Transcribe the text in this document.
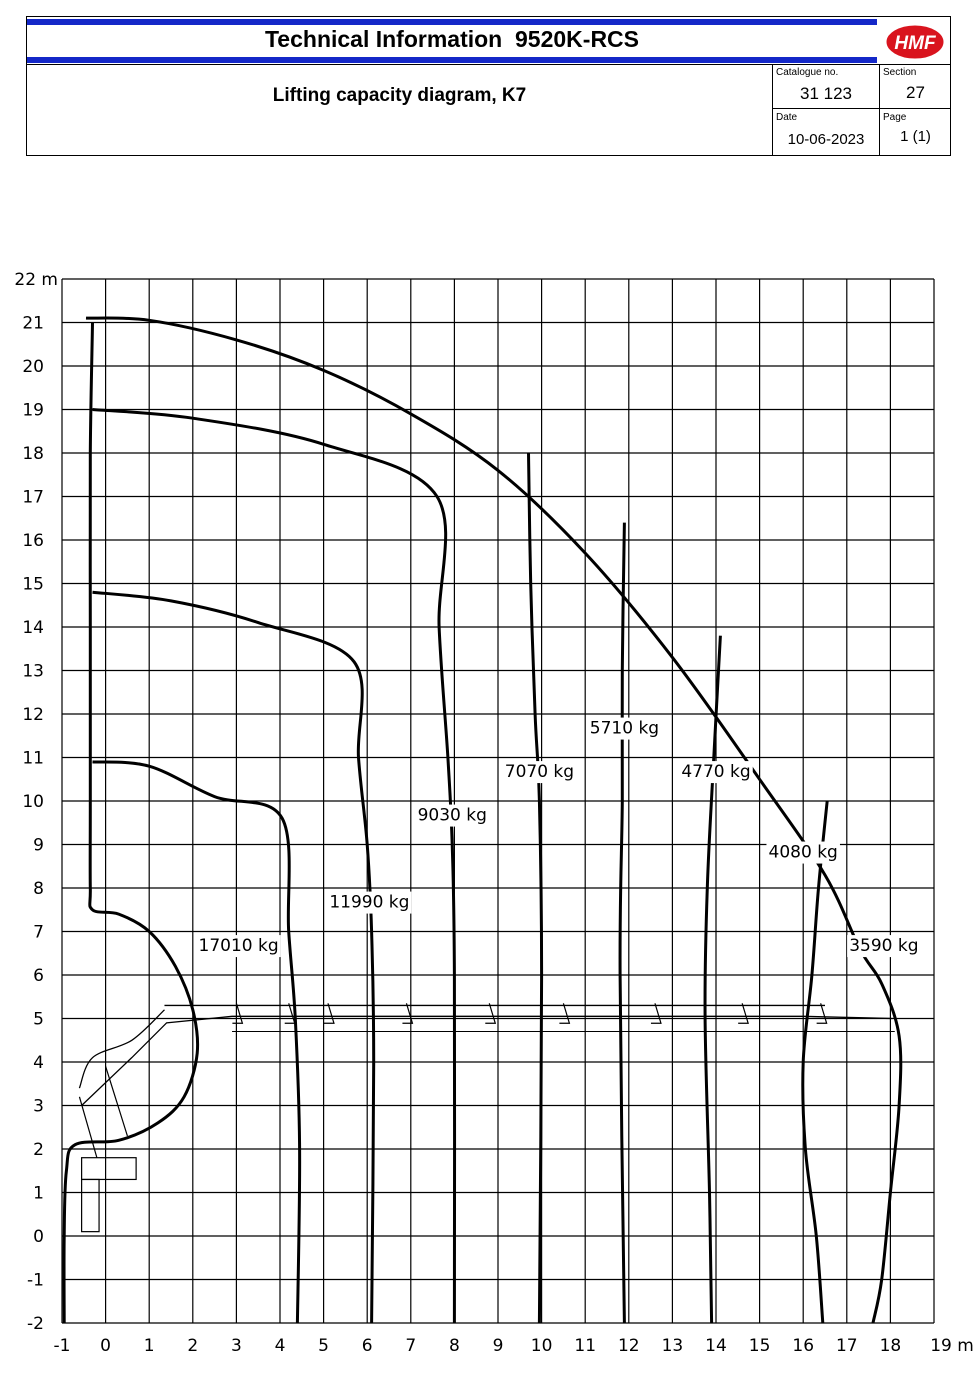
Technical Information  9520K-RCS	HMF
Lifting capacity diagram, K7
Catalogue no.
31 123
Section
27
Date
10-06-2023
Page
1 (1)
-1 0 1 2 3 4 5 6 7 8 9 10 11 12 13 14 15 16 17 18 19 m
-2
-1
0
1
2
3
4
5
6
7
8
9
10
11
12
13
14
15
16
17
18
19
20
21
22 m
17010 kg
11990 kg
9030 kg
7070 kg
5710 kg
4770 kg
4080 kg
3590 kg
